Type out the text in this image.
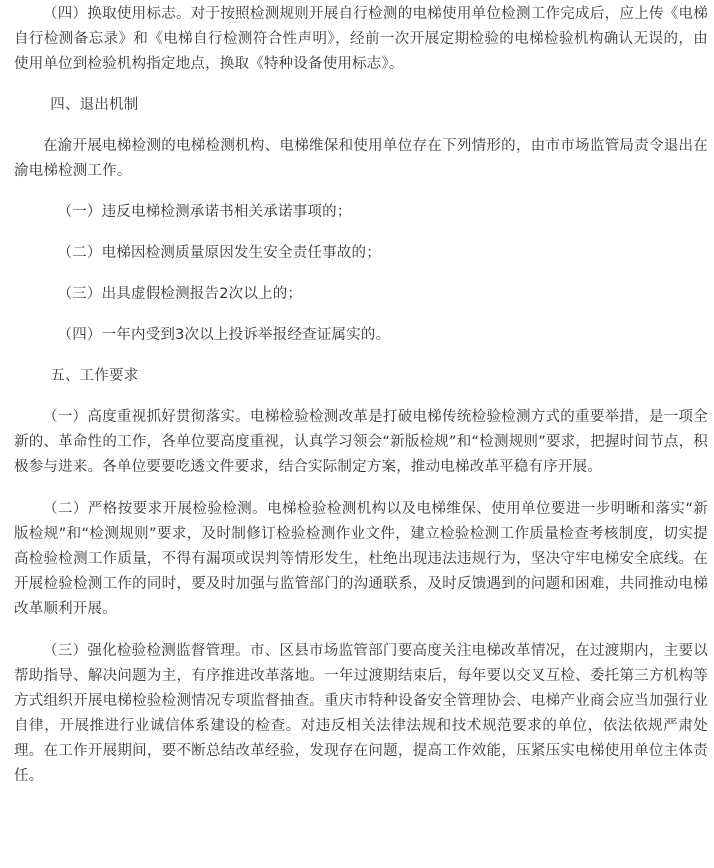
（四）换取使用标志。对于按照检测规则开展自行检测的电梯使用单位检测工作完成后，应上传《电梯自行检测备忘录》和《电梯自行检测符合性声明》，经前一次开展定期检验的电梯检验机构确认无误的，由使用单位到检验机构指定地点，换取《特种设备使用标志》。

四、退出机制

在渝开展电梯检测的电梯检测机构、电梯维保和使用单位存在下列情形的，由市市场监管局责令退出在渝电梯检测工作。

（一）违反电梯检测承诺书相关承诺事项的；

（二）电梯因检测质量原因发生安全责任事故的；

（三）出具虚假检测报告2次以上的；

（四）一年内受到3次以上投诉举报经查证属实的。

五、工作要求

（一）高度重视抓好贯彻落实。电梯检验检测改革是打破电梯传统检验检测方式的重要举措，是一项全新的、革命性的工作，各单位要高度重视，认真学习领会“新版检规”和“检测规则”要求，把握时间节点，积极参与进来。各单位要要吃透文件要求，结合实际制定方案，推动电梯改革平稳有序开展。

（二）严格按要求开展检验检测。电梯检验检测机构以及电梯维保、使用单位要进一步明晰和落实“新版检规”和“检测规则”要求，及时制修订检验检测作业文件，建立检验检测工作质量检查考核制度，切实提高检验检测工作质量，不得有漏项或误判等情形发生，杜绝出现违法违规行为，坚决守牢电梯安全底线。在开展检验检测工作的同时，要及时加强与监管部门的沟通联系，及时反馈遇到的问题和困难，共同推动电梯改革顺利开展。

（三）强化检验检测监督管理。市、区县市场监管部门要高度关注电梯改革情况，在过渡期内，主要以帮助指导、解决问题为主，有序推进改革落地。一年过渡期结束后，每年要以交叉互检、委托第三方机构等方式组织开展电梯检验检测情况专项监督抽查。重庆市特种设备安全管理协会、电梯产业商会应当加强行业自律，开展推进行业诚信体系建设的检查。对违反相关法律法规和技术规范要求的单位，依法依规严肃处理。在工作开展期间，要不断总结改革经验，发现存在问题，提高工作效能，压紧压实电梯使用单位主体责任。
